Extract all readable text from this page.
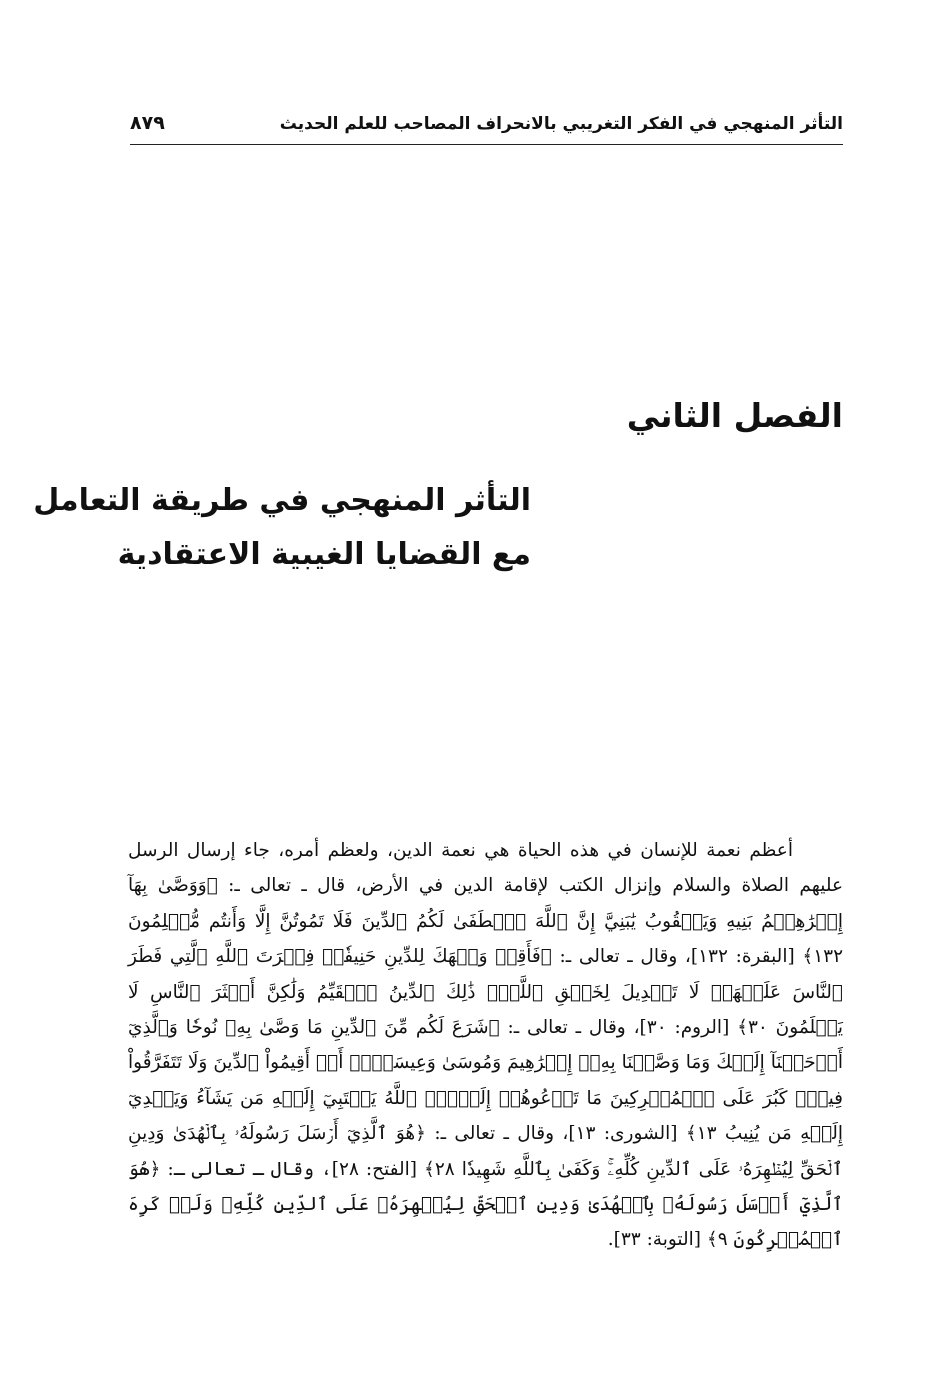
التأثر المنهجي في الفكر التغريبي بالانحراف المصاحب للعلم الحديث
٨٧٩
الفصل الثاني
التأثر المنهجي في طريقة التعامل
مع القضايا الغيبية الاعتقادية

أعظم نعمة للإنسان في هذه الحياة هي نعمة الدين، ولعظم أمره، جاء إرسال الرسل عليهم الصلاة والسلام وإنزال الكتب لإقامة الدين في الأرض، قال ـ تعالى ـ: ﴿وَوَصَّىٰ بِهَآ إِبۡرَٰهِـۧمُ بَنِيهِ وَيَعۡقُوبُ يَٰبَنِيَّ إِنَّ ٱللَّهَ ٱصۡطَفَىٰ لَكُمُ ٱلدِّينَ فَلَا تَمُوتُنَّ إِلَّا وَأَنتُم مُّسۡلِمُونَ ١٣٢﴾ [البقرة: ١٣٢]، وقال ـ تعالى ـ: ﴿فَأَقِمۡ وَجۡهَكَ لِلدِّينِ حَنِيفٗاۚ فِطۡرَتَ ٱللَّهِ ٱلَّتِي فَطَرَ ٱلنَّاسَ عَلَيۡهَاۚ لَا تَبۡدِيلَ لِخَلۡقِ ٱللَّهِۚ ذَٰلِكَ ٱلدِّينُ ٱلۡقَيِّمُ وَلَٰكِنَّ أَكۡثَرَ ٱلنَّاسِ لَا يَعۡلَمُونَ ٣٠﴾ [الروم: ٣٠]، وقال ـ تعالى ـ: ﴿شَرَعَ لَكُم مِّنَ ٱلدِّينِ مَا وَصَّىٰ بِهِۦ نُوحٗا وَٱلَّذِيٓ أَوۡحَيۡنَآ إِلَيۡكَ وَمَا وَصَّيۡنَا بِهِۦٓ إِبۡرَٰهِيمَ وَمُوسَىٰ وَعِيسَىٰٓۖ أَنۡ أَقِيمُواْ ٱلدِّينَ وَلَا تَتَفَرَّقُواْ فِيهِۚ كَبُرَ عَلَى ٱلۡمُشۡرِكِينَ مَا تَدۡعُوهُمۡ إِلَيۡهِۚ ٱللَّهُ يَجۡتَبِيٓ إِلَيۡهِ مَن يَشَآءُ وَيَهۡدِيٓ إِلَيۡهِ مَن يُنِيبُ ١٣﴾ [الشورى: ١٣]، وقال ـ تعالى ـ: ﴿هُوَ ٱلَّذِيٓ أَرۡسَلَ رَسُولَهُۥ بِٱلۡهُدَىٰ وَدِينِ ٱلۡحَقِّ لِيُظۡهِرَهُۥ عَلَى ٱلدِّينِ كُلِّهِۦۚ وَكَفَىٰ بِٱللَّهِ شَهِيدٗا ٢٨﴾ [الفتح: ٢٨]، وقال ـ تعالى ـ: ﴿هُوَ ٱلَّذِيٓ أَرۡسَلَ رَسُولَهُۥ بِٱلۡهُدَىٰ وَدِينِ ٱلۡحَقِّ لِيُظۡهِرَهُۥ عَلَى ٱلدِّينِ كُلِّهِۦ وَلَوۡ كَرِهَ ٱلۡمُشۡرِكُونَ ٩﴾ [التوبة: ٣٣].
